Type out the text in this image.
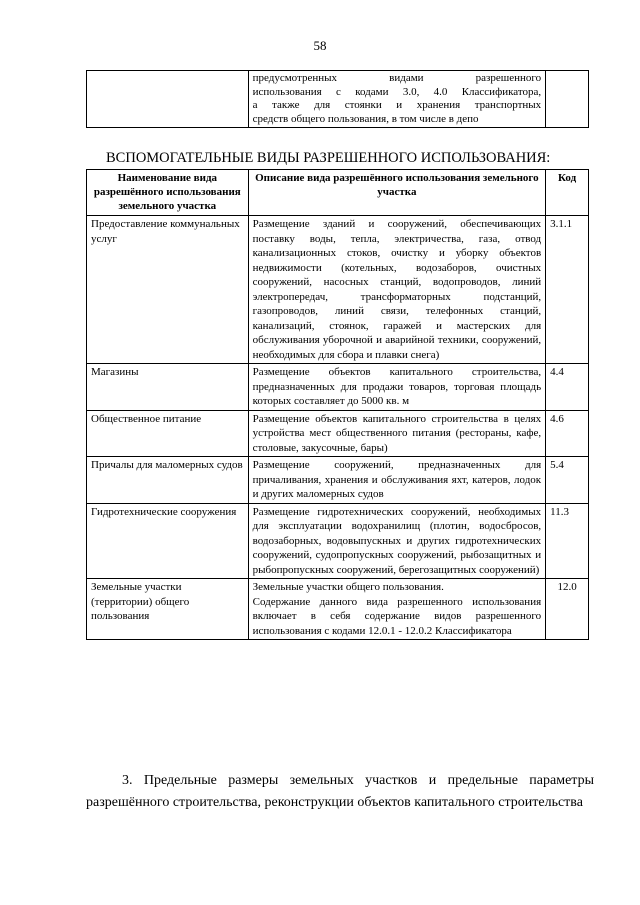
58

предусмотренных видами разрешенного
использования с кодами 3.0, 4.0 Классификатора,
а также для стоянки и хранения транспортных
средств общего пользования, в том числе в депо

ВСПОМОГАТЕЛЬНЫЕ ВИДЫ РАЗРЕШЕННОГО ИСПОЛЬЗОВАНИЯ:
Наименование вида разрешённого использования земельного участка	Описание вида разрешённого использования земельного участка	Код
Предоставление коммунальных услуг	Размещение зданий и сооружений, обеспечивающих поставку воды, тепла, электричества, газа, отвод канализационных стоков, очистку и уборку объектов недвижимости (котельных, водозаборов, очистных сооружений, насосных станций, водопроводов, линий электропередач, трансформаторных подстанций, газопроводов, линий связи, телефонных станций, канализаций, стоянок, гаражей и мастерских для обслуживания уборочной и аварийной техники, сооружений, необходимых для сбора и плавки снега)	3.1.1
Магазины	Размещение объектов капитального строительства, предназначенных для продажи товаров, торговая площадь которых составляет до 5000 кв. м	4.4
Общественное питание	Размещение объектов капитального строительства в целях устройства мест общественного питания (рестораны, кафе, столовые, закусочные, бары)	4.6
Причалы для маломерных судов	Размещение сооружений, предназначенных для причаливания, хранения и обслуживания яхт, катеров, лодок и других маломерных судов	5.4
Гидротехнические сооружения	Размещение гидротехнических сооружений, необходимых для эксплуатации водохранилищ (плотин, водосбросов, водозаборных, водовыпускных и других гидротехнических сооружений, судопропускных сооружений, рыбозащитных и рыбопропускных сооружений, берегозащитных сооружений)	11.3
Земельные участки (территории) общего пользования	Земельные участки общего пользования.
Содержание данного вида разрешенного использования включает в себя содержание видов разрешенного использования с кодами 12.0.1 - 12.0.2 Классификатора	12.0
3. Предельные размеры земельных участков и предельные параметры разрешённого строительства, реконструкции объектов капитального строительства
